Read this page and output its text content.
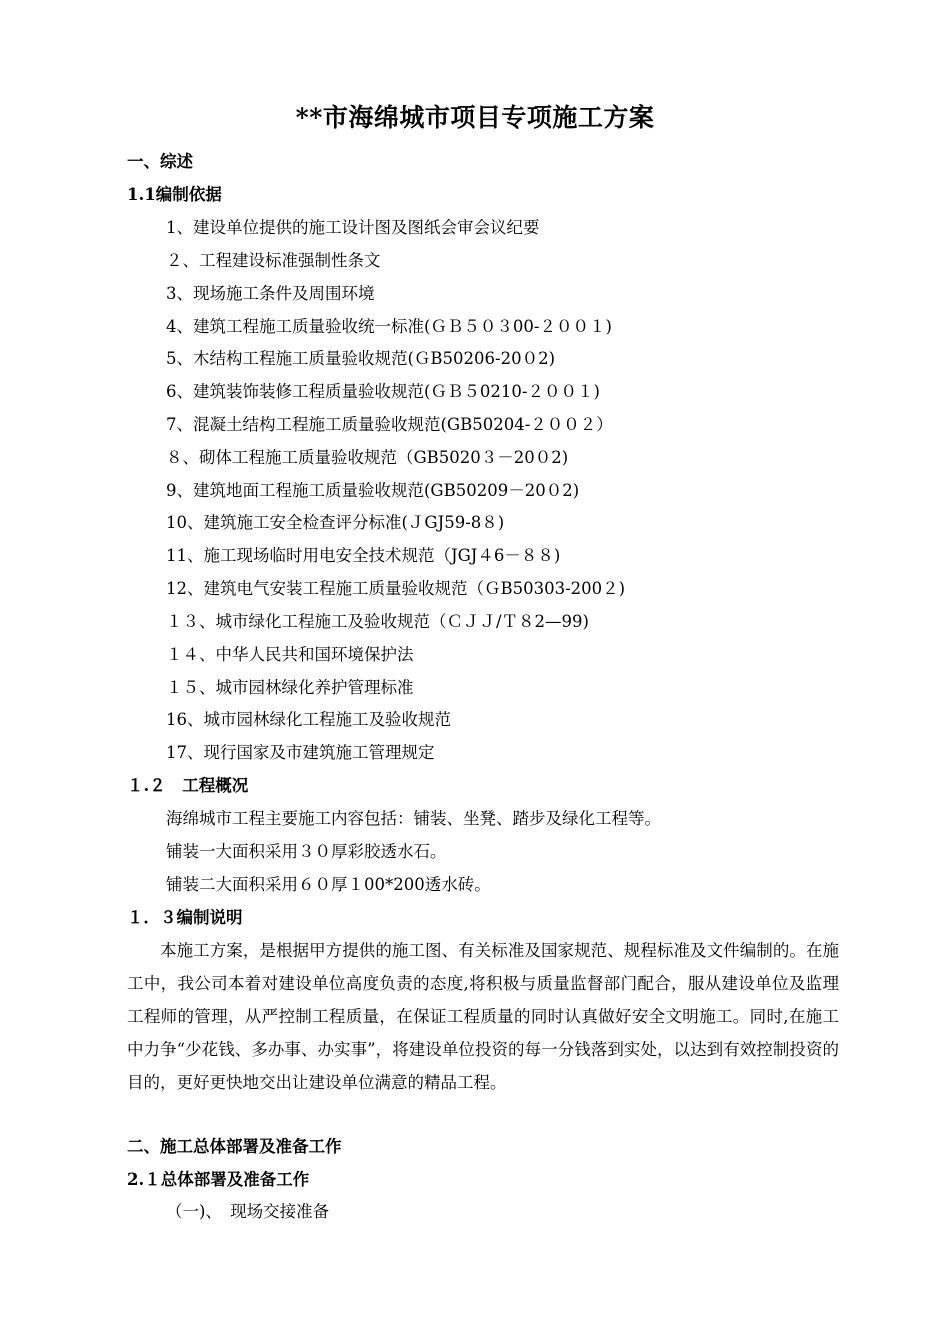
**市海绵城市项目专项施工方案
一、综述
1.1编制依据
1、建设单位提供的施工设计图及图纸会审会议纪要
２、工程建设标准强制性条文
3、现场施工条件及周围环境
4、建筑工程施工质量验收统一标准(ＧＢ５０３00-２００１)
5、木结构工程施工质量验收规范(ＧB50206-20０2)
6、建筑装饰装修工程质量验收规范(ＧＢ５0210-２００１)
7、混凝土结构工程施工质量验收规范(GB50204-２００２）
８、砌体工程施工质量验收规范（GB5020３－20０2)
9、建筑地面工程施工质量验收规范(GB50209－20０2)
10、建筑施工安全检查评分标准(ＪGJ59-8８)
11、施工现场临时用电安全技术规范（JGJ４6－８８)
12、建筑电气安装工程施工质量验收规范（ＧB50303-200２)
１３、城市绿化工程施工及验收规范（ＣＪＪ/Ｔ８2—99)
１４、中华人民共和国环境保护法
１５、城市园林绿化养护管理标准
16、城市园林绿化工程施工及验收规范
17、现行国家及市建筑施工管理规定
１.２　工程概况
海绵城市工程主要施工内容包括：铺装、坐凳、踏步及绿化工程等。
铺装一大面积采用３０厚彩胶透水石。
铺装二大面积采用６０厚１00*200透水砖。
１．３编制说明
本施工方案，是根据甲方提供的施工图、有关标准及国家规范、规程标准及文件编制的。在施工中，我公司本着对建设单位高度负责的态度,将积极与质量监督部门配合，服从建设单位及监理工程师的管理，从严控制工程质量，在保证工程质量的同时认真做好安全文明施工。同时,在施工中力争“少花钱、多办事、办实事”，将建设单位投资的每一分钱落到实处，以达到有效控制投资的目的，更好更快地交出让建设单位满意的精品工程。
二、施工总体部署及准备工作
2.１总体部署及准备工作
（一)、　现场交接准备
